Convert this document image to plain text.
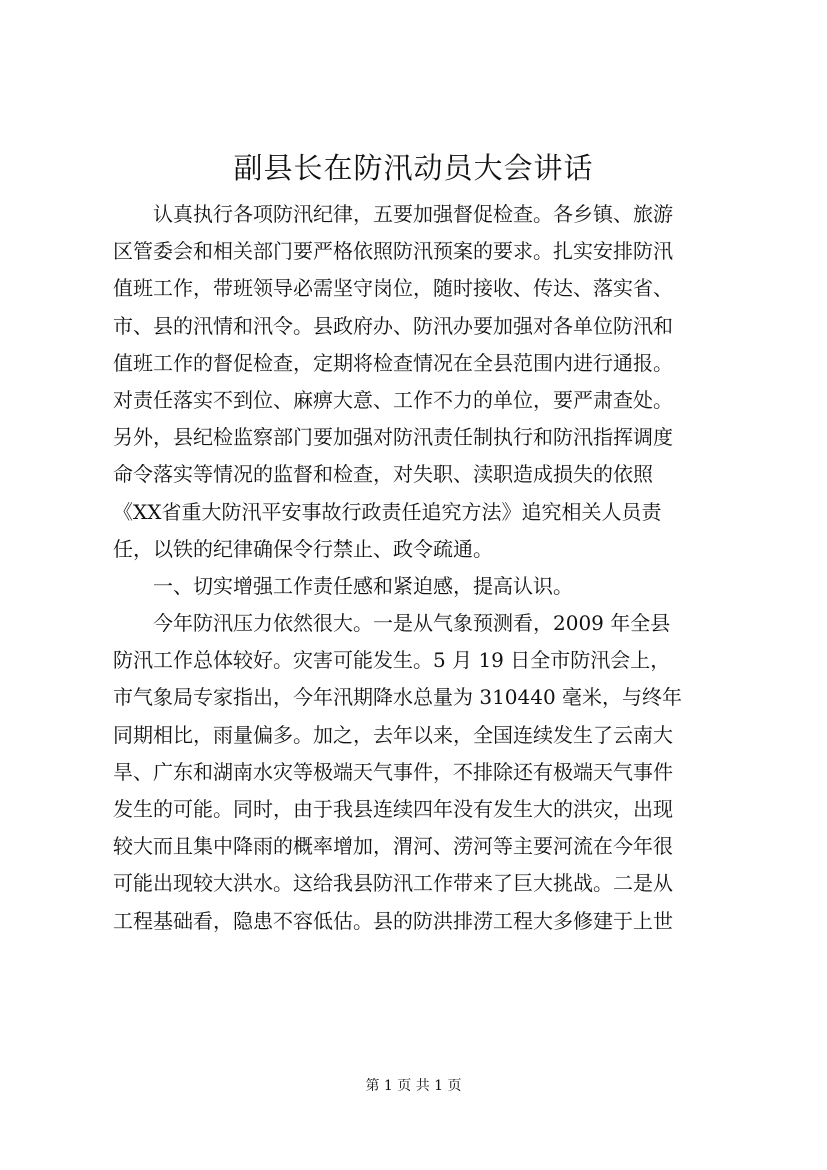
副县长在防汛动员大会讲话
　　认真执行各项防汛纪律，五要加强督促检查。各乡镇、旅游
区管委会和相关部门要严格依照防汛预案的要求。扎实安排防汛
值班工作，带班领导必需坚守岗位，随时接收、传达、落实省、
市、县的汛情和汛令。县政府办、防汛办要加强对各单位防汛和
值班工作的督促检查，定期将检查情况在全县范围内进行通报。
对责任落实不到位、麻痹大意、工作不力的单位，要严肃查处。
另外，县纪检监察部门要加强对防汛责任制执行和防汛指挥调度
命令落实等情况的监督和检查，对失职、渎职造成损失的依照
《XX省重大防汛平安事故行政责任追究方法》追究相关人员责
任，以铁的纪律确保令行禁止、政令疏通。
　　一、切实增强工作责任感和紧迫感，提高认识。
　　今年防汛压力依然很大。一是从气象预测看，2009 年全县
防汛工作总体较好。灾害可能发生。5 月 19 日全市防汛会上，
市气象局专家指出，今年汛期降水总量为 310440 毫米，与终年
同期相比，雨量偏多。加之，去年以来，全国连续发生了云南大
旱、广东和湖南水灾等极端天气事件，不排除还有极端天气事件
发生的可能。同时，由于我县连续四年没有发生大的洪灾，出现
较大而且集中降雨的概率增加，渭河、涝河等主要河流在今年很
可能出现较大洪水。这给我县防汛工作带来了巨大挑战。二是从
工程基础看，隐患不容低估。县的防洪排涝工程大多修建于上世
第 1 页 共 1 页
